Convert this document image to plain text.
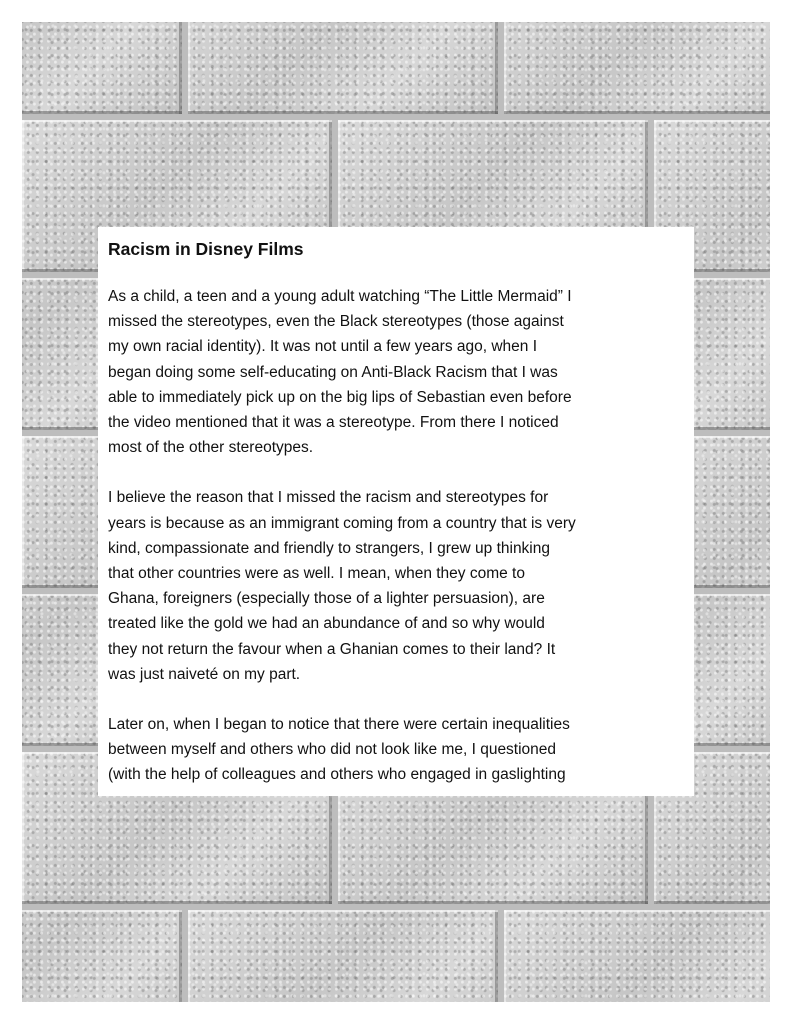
Racism in Disney Films

As a child, a teen and a young adult watching “The Little Mermaid” I
missed the stereotypes, even the Black stereotypes (those against
my own racial identity). It was not until a few years ago, when I
began doing some self-educating on Anti-Black Racism that I was
able to immediately pick up on the big lips of Sebastian even before
the video mentioned that it was a stereotype. From there I noticed
most of the other stereotypes.

I believe the reason that I missed the racism and stereotypes for
years is because as an immigrant coming from a country that is very
kind, compassionate and friendly to strangers, I grew up thinking
that other countries were as well. I mean, when they come to
Ghana, foreigners (especially those of a lighter persuasion), are
treated like the gold we had an abundance of and so why would
they not return the favour when a Ghanian comes to their land? It
was just naiveté on my part.

Later on, when I began to notice that there were certain inequalities
between myself and others who did not look like me, I questioned
(with the help of colleagues and others who engaged in gaslighting
